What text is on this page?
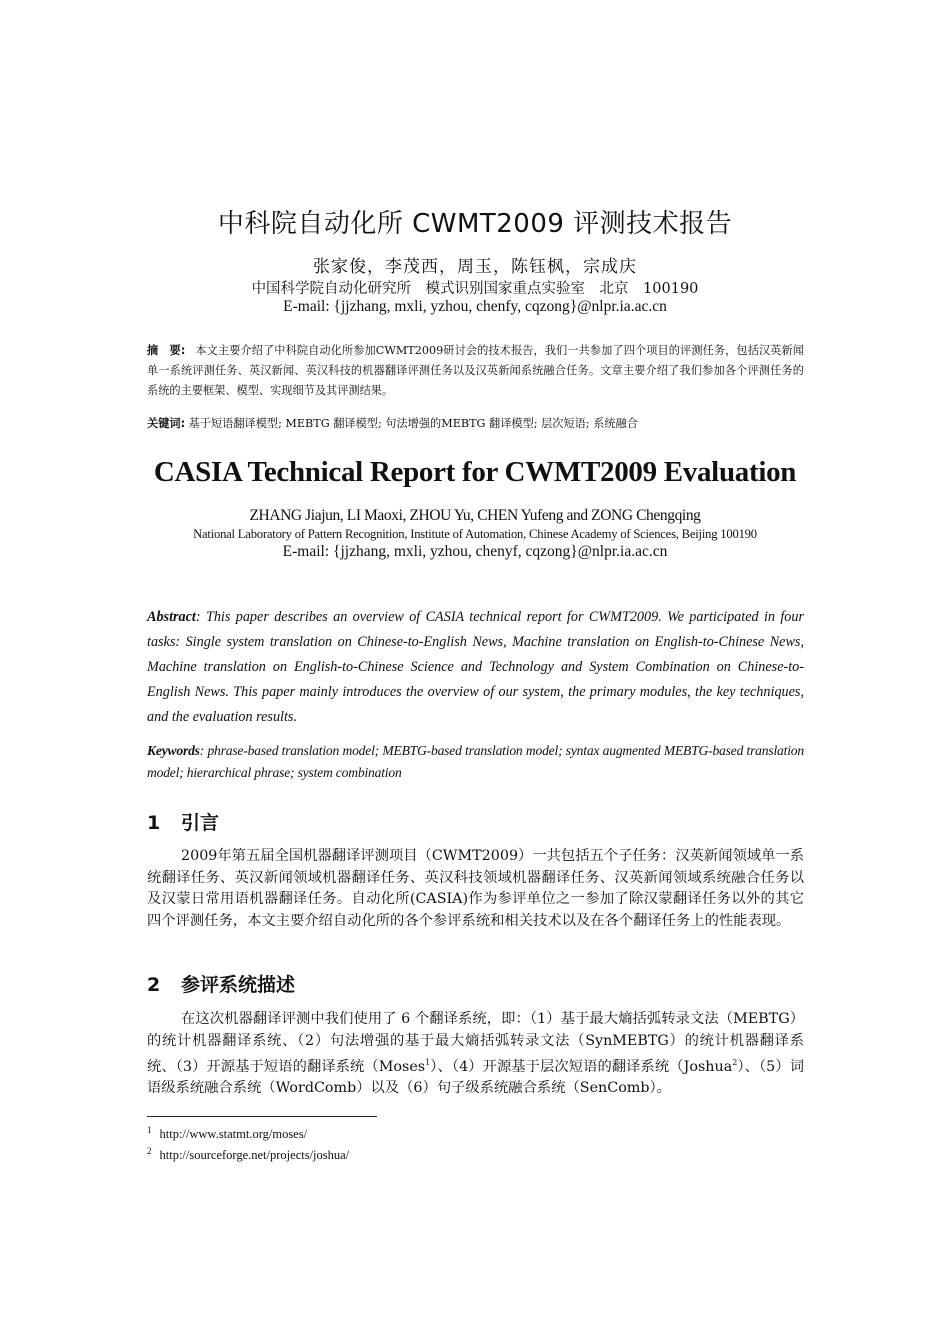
中科院自动化所 CWMT2009 评测技术报告
张家俊，李茂西，周玉，陈钰枫，宗成庆
中国科学院自动化研究所　模式识别国家重点实验室　北京　100190
E-mail: {jjzhang, mxli, yzhou, chenfy, cqzong}@nlpr.ia.ac.cn
摘　要: 本文主要介绍了中科院自动化所参加CWMT2009研讨会的技术报告，我们一共参加了四个项目的评测任务，包括汉英新闻单一系统评测任务、英汉新闻、英汉科技的机器翻译评测任务以及汉英新闻系统融合任务。文章主要介绍了我们参加各个评测任务的系统的主要框架、模型、实现细节及其评测结果。
关键词: 基于短语翻译模型; MEBTG 翻译模型; 句法增强的MEBTG 翻译模型; 层次短语; 系统融合
CASIA Technical Report for CWMT2009 Evaluation
ZHANG Jiajun, LI Maoxi, ZHOU Yu, CHEN Yufeng and ZONG Chengqing
National Laboratory of Pattern Recognition, Institute of Automation, Chinese Academy of Sciences, Beijing 100190
E-mail: {jjzhang, mxli, yzhou, chenyf, cqzong}@nlpr.ia.ac.cn
Abstract: This paper describes an overview of CASIA technical report for CWMT2009. We participated in four tasks: Single system translation on Chinese-to-English News, Machine translation on English-to-Chinese News, Machine translation on English-to-Chinese Science and Technology and System Combination on Chinese-to-English News. This paper mainly introduces the overview of our system, the primary modules, the key techniques, and the evaluation results.
Keywords: phrase-based translation model; MEBTG-based translation model; syntax augmented MEBTG-based translation model; hierarchical phrase; system combination
1 引言
2009年第五届全国机器翻译评测项目（CWMT2009）一共包括五个子任务：汉英新闻领域单一系统翻译任务、英汉新闻领域机器翻译任务、英汉科技领域机器翻译任务、汉英新闻领域系统融合任务以及汉蒙日常用语机器翻译任务。自动化所(CASIA)作为参评单位之一参加了除汉蒙翻译任务以外的其它四个评测任务，本文主要介绍自动化所的各个参评系统和相关技术以及在各个翻译任务上的性能表现。
2 参评系统描述
在这次机器翻译评测中我们使用了 6 个翻译系统，即：（1）基于最大熵括弧转录文法（MEBTG）的统计机器翻译系统、（2）句法增强的基于最大熵括弧转录文法（SynMEBTG）的统计机器翻译系统、（3）开源基于短语的翻译系统（Moses$^1$）、（4）开源基于层次短语的翻译系统（Joshua$^2$）、（5）词语级系统融合系统（WordComb）以及（6）句子级系统融合系统（SenComb）。
$^1$ http://www.statmt.org/moses/
$^2$ http://sourceforge.net/projects/joshua/
